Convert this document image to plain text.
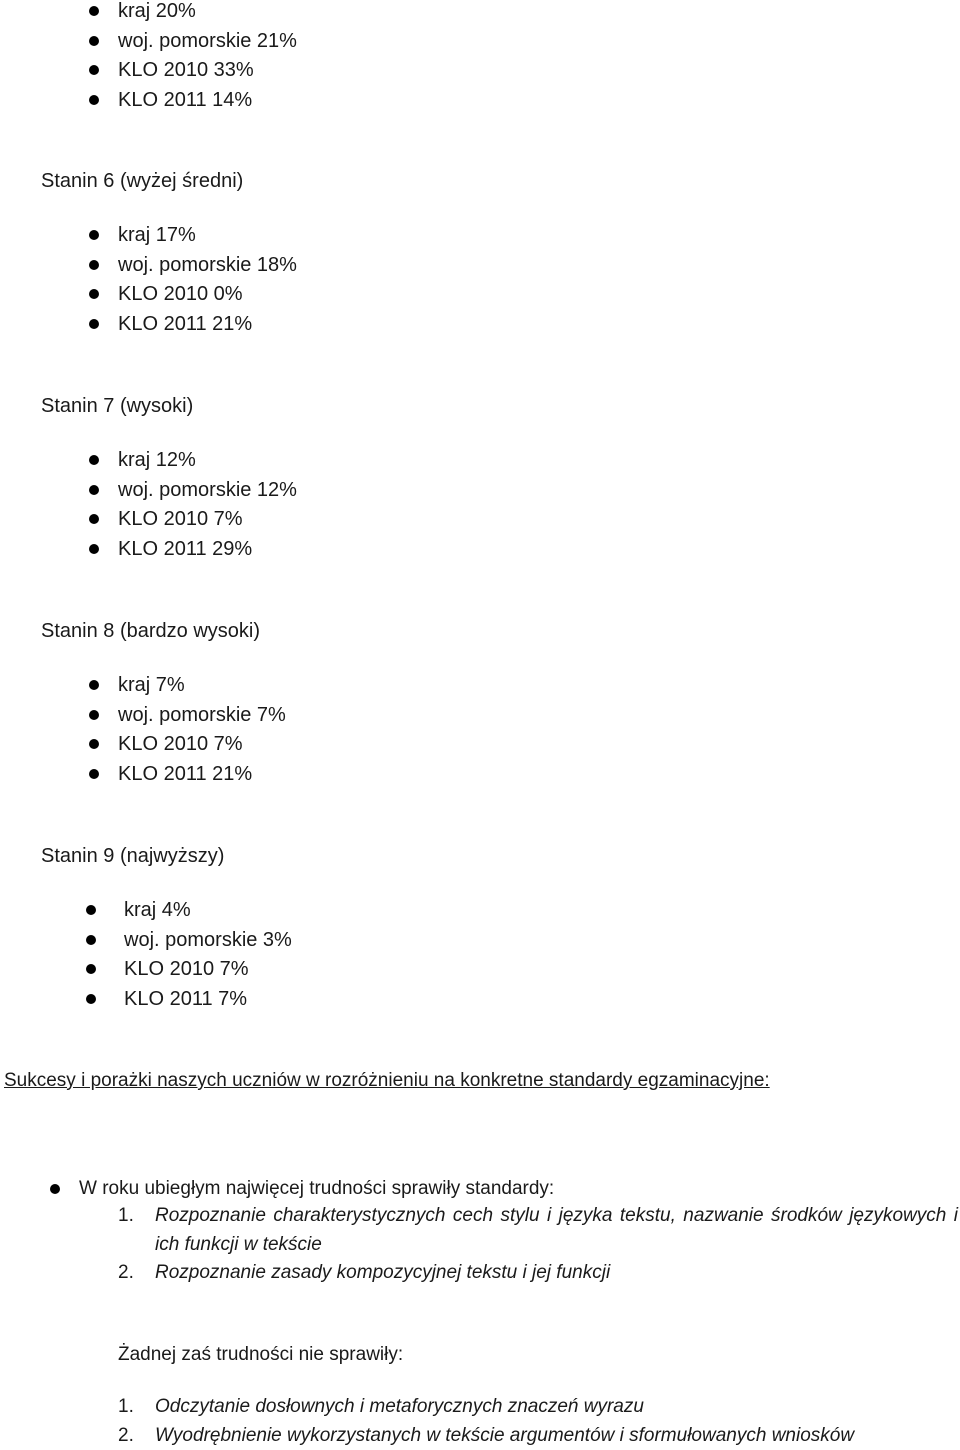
kraj 20%
woj. pomorskie 21%
KLO 2010 33%
KLO 2011 14%
Stanin 6 (wyżej średni)
kraj 17%
woj. pomorskie 18%
KLO 2010 0%
KLO 2011 21%
Stanin 7 (wysoki)
kraj 12%
woj. pomorskie 12%
KLO 2010 7%
KLO 2011 29%
Stanin 8 (bardzo wysoki)
kraj 7%
woj. pomorskie 7%
KLO 2010 7%
KLO 2011 21%
Stanin 9 (najwyższy)
kraj 4%
woj. pomorskie 3%
KLO 2010 7%
KLO 2011 7%
Sukcesy i porażki naszych uczniów w rozróżnieniu na konkretne standardy egzaminacyjne:
W roku ubiegłym najwięcej trudności sprawiły standardy:
1. Rozpoznanie charakterystycznych cech stylu i języka tekstu, nazwanie środków językowych i ich funkcji w tekście
2. Rozpoznanie zasady kompozycyjnej tekstu i jej funkcji
Żadnej zaś trudności nie sprawiły:
1. Odczytanie dosłownych i metaforycznych znaczeń wyrazu
2. Wyodrębnienie wykorzystanych w tekście argumentów i sformułowanych wniosków
